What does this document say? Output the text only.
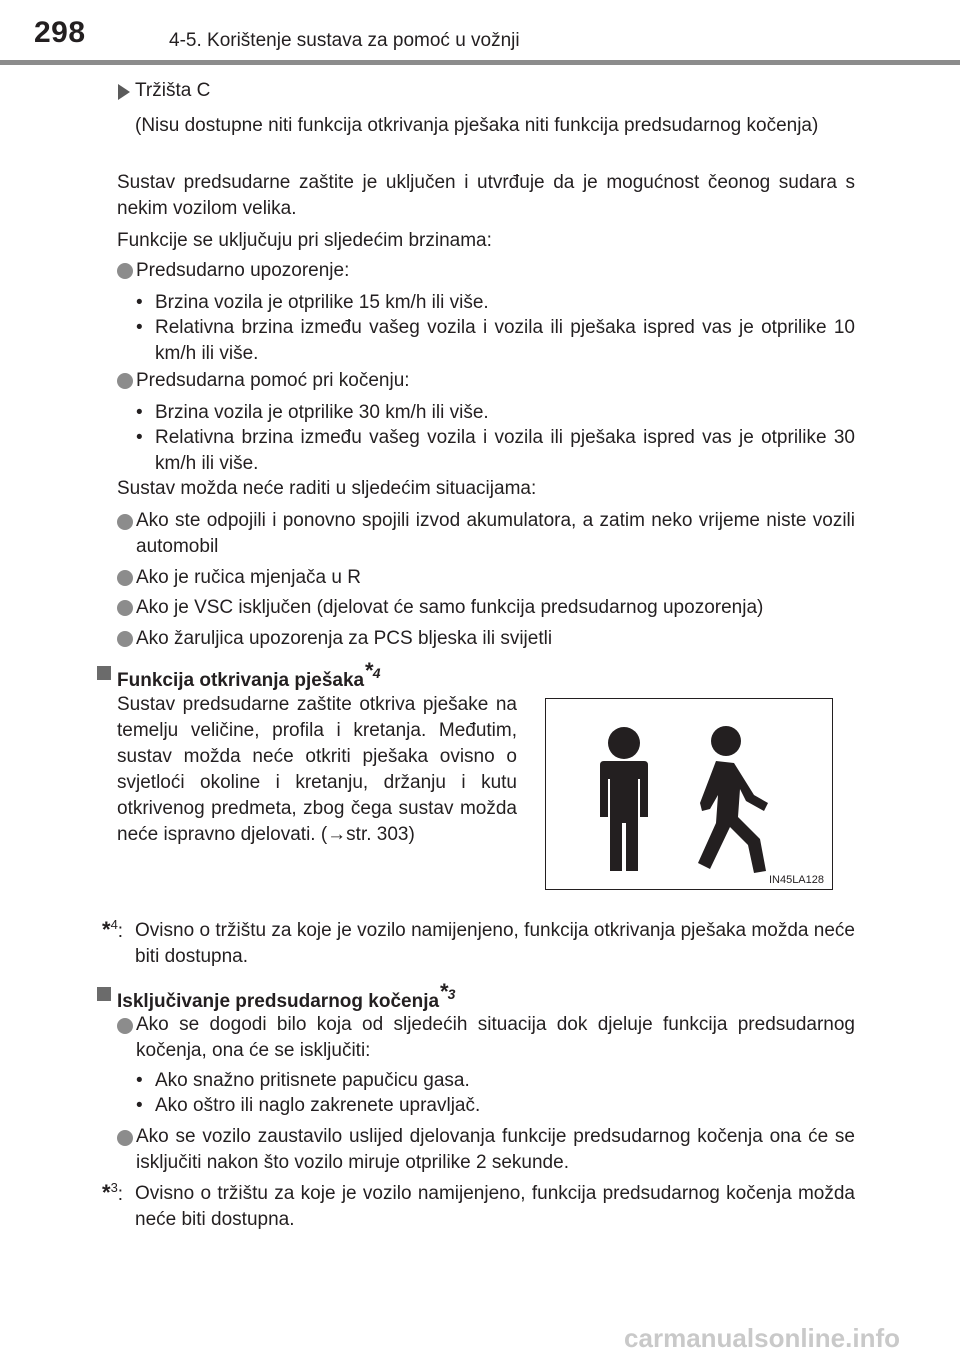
298	4-5. Korištenje sustava za pomoć u vožnji
Tržišta C
(Nisu dostupne niti funkcija otkrivanja pješaka niti funkcija predsudarnog kočenja)
Sustav predsudarne zaštite je uključen i utvrđuje da je mogućnost čeonog sudara s nekim vozilom velika.
Funkcije se uključuju pri sljedećim brzinama:
Predsudarno upozorenje:
• Brzina vozila je otprilike 15 km/h ili više.
• Relativna brzina između vašeg vozila i vozila ili pješaka ispred vas je otprilike 10 km/h ili više.
Predsudarna pomoć pri kočenju:
• Brzina vozila je otprilike 30 km/h ili više.
• Relativna brzina između vašeg vozila i vozila ili pješaka ispred vas je otprilike 30 km/h ili više.
Sustav možda neće raditi u sljedećim situacijama:
Ako ste odpojili i ponovno spojili izvod akumulatora, a zatim neko vrijeme niste vozili automobil
Ako je ručica mjenjača u R
Ako je VSC isključen (djelovat će samo funkcija predsudarnog upozorenja)
Ako žaruljica upozorenja za PCS bljeska ili svijetli
Funkcija otkrivanja pješaka$^{*4}$
Sustav predsudarne zaštite otkriva pješake na temelju veličine, profila i kretanja. Međutim, sustav možda neće otkriti pješaka ovisno o svjetloći okoline i kretanju, držanju i kutu otkrivenog predmeta, zbog čega sustav možda neće ispravno djelovati. (→str. 303)
IN45LA128
*$^4$: Ovisno o tržištu za koje je vozilo namijenjeno, funkcija otkrivanja pješaka možda neće biti dostupna.
Isključivanje predsudarnog kočenja$^{*3}$
Ako se dogodi bilo koja od sljedećih situacija dok djeluje funkcija predsudarnog kočenja, ona će se isključiti:
• Ako snažno pritisnete papučicu gasa.
• Ako oštro ili naglo zakrenete upravljač.
Ako se vozilo zaustavilo uslijed djelovanja funkcije predsudarnog kočenja ona će se isključiti nakon što vozilo miruje otprilike 2 sekunde.
*$^3$: Ovisno o tržištu za koje je vozilo namijenjeno, funkcija predsudarnog kočenja možda neće biti dostupna.
carmanualsonline.info
